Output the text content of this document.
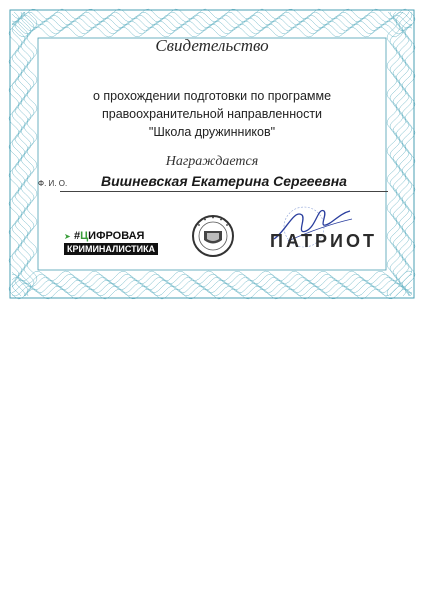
Свидетельство
о прохождении подготовки по программе
правоохранительной направленности
"Школа дружинников"
Награждается
Ф. И. О.	Вишневская Екатерина Сергеевна
➤ #ЦИФРОВАЯ
КРИМИНАЛИСТИКА	ПАТРИОТ
